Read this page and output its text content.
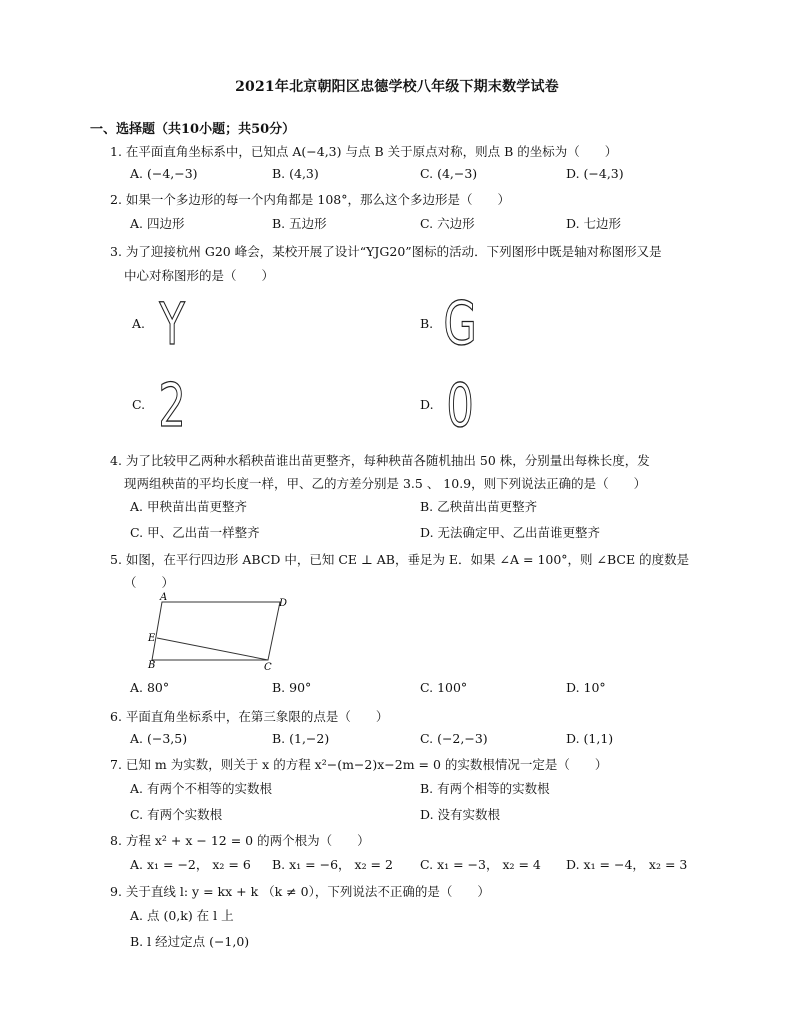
2021年北京朝阳区忠德学校八年级下期末数学试卷
一、选择题（共10小题；共50分）
1. 在平面直角坐标系中，已知点 A(−4,3) 与点 B 关于原点对称，则点 B 的坐标为（　　）
A. (−4,−3)	B. (4,3)	C. (4,−3)	D. (−4,3)
2. 如果一个多边形的每一个内角都是 108°，那么这个多边形是（　　）
A. 四边形	B. 五边形	C. 六边形	D. 七边形
3. 为了迎接杭州 G20 峰会，某校开展了设计“YJG20”图标的活动．下列图形中既是轴对称图形又是
中心对称图形的是（　　）
A. Y	B. G
C. 2	D. 0
4. 为了比较甲乙两种水稻秧苗谁出苗更整齐，每种秧苗各随机抽出 50 株，分别量出每株长度，发
现两组秧苗的平均长度一样，甲、乙的方差分别是 3.5 、 10.9，则下列说法正确的是（　　）
A. 甲秧苗出苗更整齐	B. 乙秧苗出苗更整齐
C. 甲、乙出苗一样整齐	D. 无法确定甲、乙出苗谁更整齐
5. 如图，在平行四边形 ABCD 中，已知 CE ⊥ AB，垂足为 E．如果 ∠A = 100°，则 ∠BCE 的度数是
（　　）
A
D
E
B	C
A. 80°	B. 90°	C. 100°	D. 10°
6. 平面直角坐标系中，在第三象限的点是（　　）
A. (−3,5)	B. (1,−2)	C. (−2,−3)	D. (1,1)
7. 已知 m 为实数，则关于 x 的方程 x²−(m−2)x−2m = 0 的实数根情况一定是（　　）
A. 有两个不相等的实数根	B. 有两个相等的实数根
C. 有两个实数根	D. 没有实数根
8. 方程 x² + x − 12 = 0 的两个根为（　　）
A. x₁ = −2， x₂ = 6 B. x₁ = −6， x₂ = 2 C. x₁ = −3， x₂ = 4 D. x₁ = −4， x₂ = 3
9. 关于直线 l: y = kx + k （k ≠ 0），下列说法不正确的是（　　）
A. 点 (0,k) 在 l 上
B. l 经过定点 (−1,0)
